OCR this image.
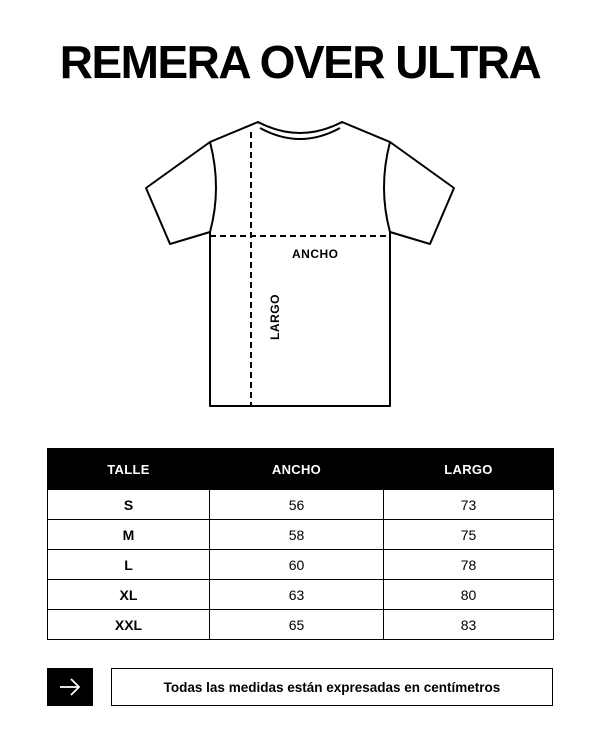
REMERA OVER ULTRA
ANCHO
LARGO
TALLE	ANCHO	LARGO
S	56	73
M	58	75
L	60	78
XL	63	80
XXL	65	83
Todas las medidas están expresadas en centímetros
